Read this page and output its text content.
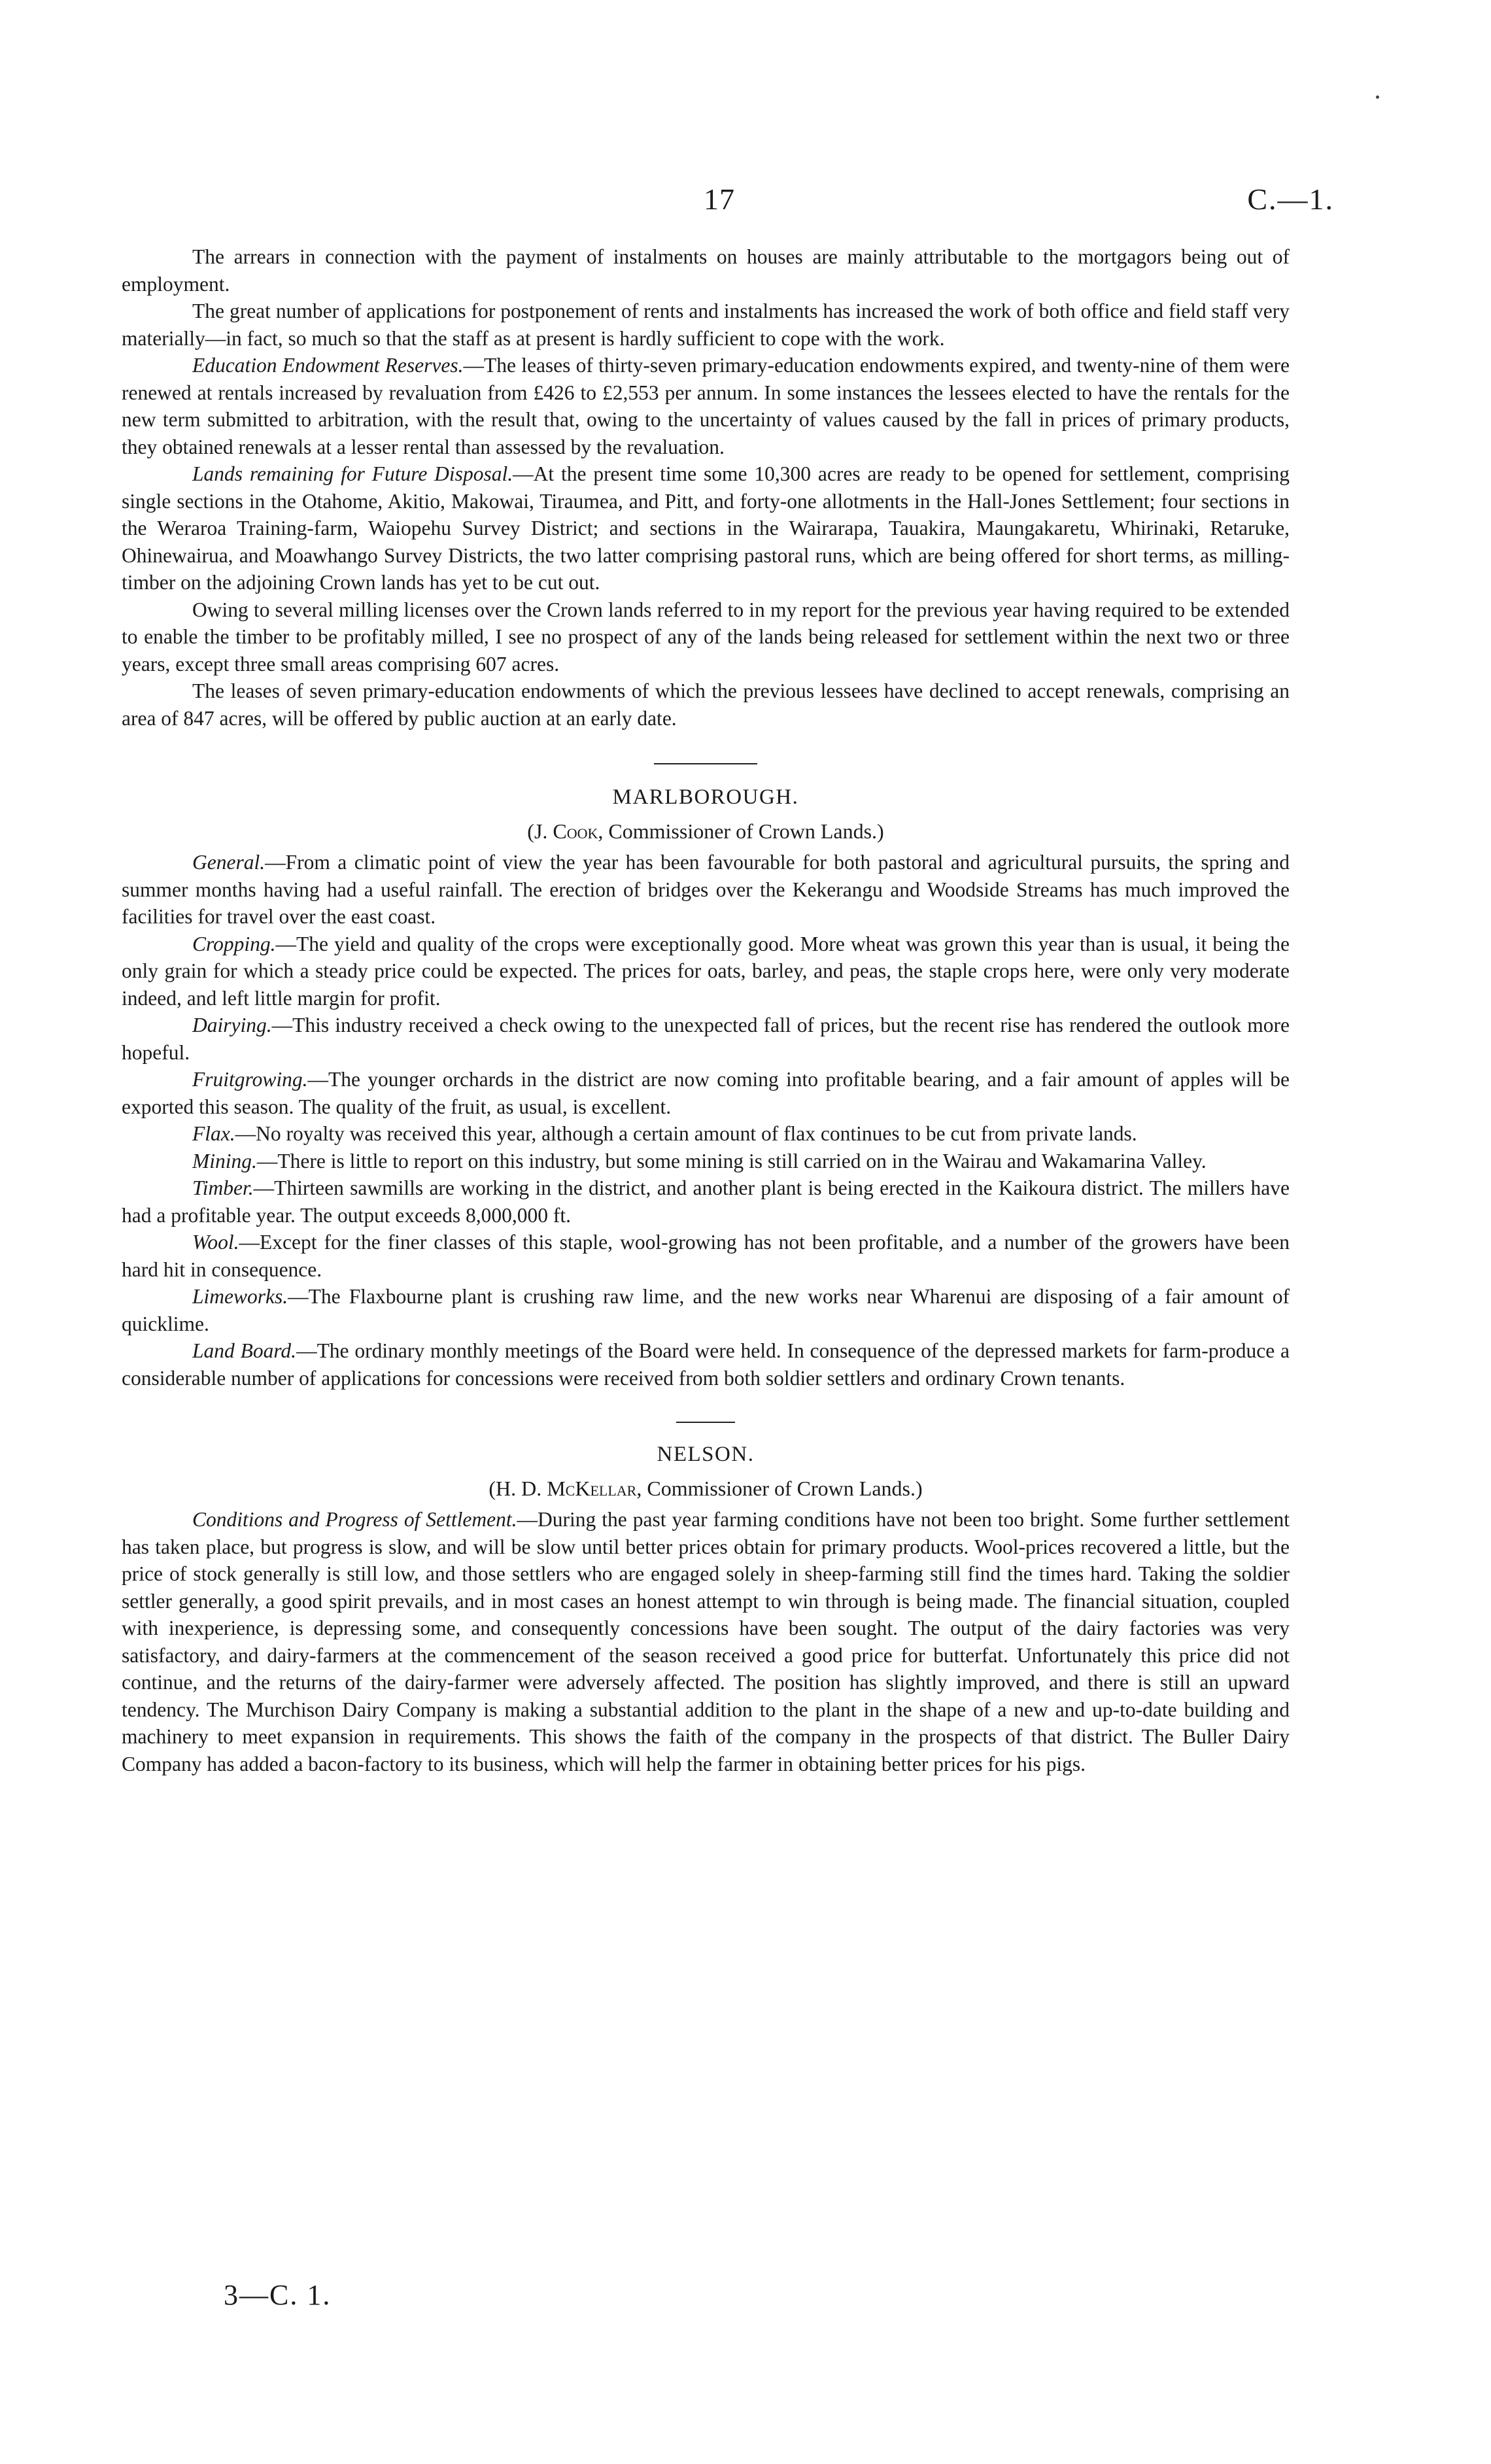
17	C.—1.

The arrears in connection with the payment of instalments on houses are mainly attributable to the mortgagors being out of employment.

The great number of applications for postponement of rents and instalments has increased the work of both office and field staff very materially—in fact, so much so that the staff as at present is hardly sufficient to cope with the work.

Education Endowment Reserves.—The leases of thirty-seven primary-education endowments expired, and twenty-nine of them were renewed at rentals increased by revaluation from £426 to £2,553 per annum. In some instances the lessees elected to have the rentals for the new term submitted to arbitration, with the result that, owing to the uncertainty of values caused by the fall in prices of primary products, they obtained renewals at a lesser rental than assessed by the revaluation.

Lands remaining for Future Disposal.—At the present time some 10,300 acres are ready to be opened for settlement, comprising single sections in the Otahome, Akitio, Makowai, Tiraumea, and Pitt, and forty-one allotments in the Hall-Jones Settlement; four sections in the Weraroa Training-farm, Waiopehu Survey District; and sections in the Wairarapa, Tauakira, Maungakaretu, Whirinaki, Retaruke, Ohinewairua, and Moawhango Survey Districts, the two latter comprising pastoral runs, which are being offered for short terms, as milling-timber on the adjoining Crown lands has yet to be cut out.

Owing to several milling licenses over the Crown lands referred to in my report for the previous year having required to be extended to enable the timber to be profitably milled, I see no prospect of any of the lands being released for settlement within the next two or three years, except three small areas comprising 607 acres.

The leases of seven primary-education endowments of which the previous lessees have declined to accept renewals, comprising an area of 847 acres, will be offered by public auction at an early date.

MARLBOROUGH.
(J. Cook, Commissioner of Crown Lands.)

General.—From a climatic point of view the year has been favourable for both pastoral and agricultural pursuits, the spring and summer months having had a useful rainfall. The erection of bridges over the Kekerangu and Woodside Streams has much improved the facilities for travel over the east coast.

Cropping.—The yield and quality of the crops were exceptionally good. More wheat was grown this year than is usual, it being the only grain for which a steady price could be expected. The prices for oats, barley, and peas, the staple crops here, were only very moderate indeed, and left little margin for profit.

Dairying.—This industry received a check owing to the unexpected fall of prices, but the recent rise has rendered the outlook more hopeful.

Fruitgrowing.—The younger orchards in the district are now coming into profitable bearing, and a fair amount of apples will be exported this season. The quality of the fruit, as usual, is excellent.

Flax.—No royalty was received this year, although a certain amount of flax continues to be cut from private lands.

Mining.—There is little to report on this industry, but some mining is still carried on in the Wairau and Wakamarina Valley.

Timber.—Thirteen sawmills are working in the district, and another plant is being erected in the Kaikoura district. The millers have had a profitable year. The output exceeds 8,000,000 ft.

Wool.—Except for the finer classes of this staple, wool-growing has not been profitable, and a number of the growers have been hard hit in consequence.

Limeworks.—The Flaxbourne plant is crushing raw lime, and the new works near Wharenui are disposing of a fair amount of quicklime.

Land Board.—The ordinary monthly meetings of the Board were held. In consequence of the depressed markets for farm-produce a considerable number of applications for concessions were received from both soldier settlers and ordinary Crown tenants.

NELSON.
(H. D. McKellar, Commissioner of Crown Lands.)

Conditions and Progress of Settlement.—During the past year farming conditions have not been too bright. Some further settlement has taken place, but progress is slow, and will be slow until better prices obtain for primary products. Wool-prices recovered a little, but the price of stock generally is still low, and those settlers who are engaged solely in sheep-farming still find the times hard. Taking the soldier settler generally, a good spirit prevails, and in most cases an honest attempt to win through is being made. The financial situation, coupled with inexperience, is depressing some, and consequently concessions have been sought. The output of the dairy factories was very satisfactory, and dairy-farmers at the commencement of the season received a good price for butterfat. Unfortunately this price did not continue, and the returns of the dairy-farmer were adversely affected. The position has slightly improved, and there is still an upward tendency. The Murchison Dairy Company is making a substantial addition to the plant in the shape of a new and up-to-date building and machinery to meet expansion in requirements. This shows the faith of the company in the prospects of that district. The Buller Dairy Company has added a bacon-factory to its business, which will help the farmer in obtaining better prices for his pigs.

3—C. 1.
